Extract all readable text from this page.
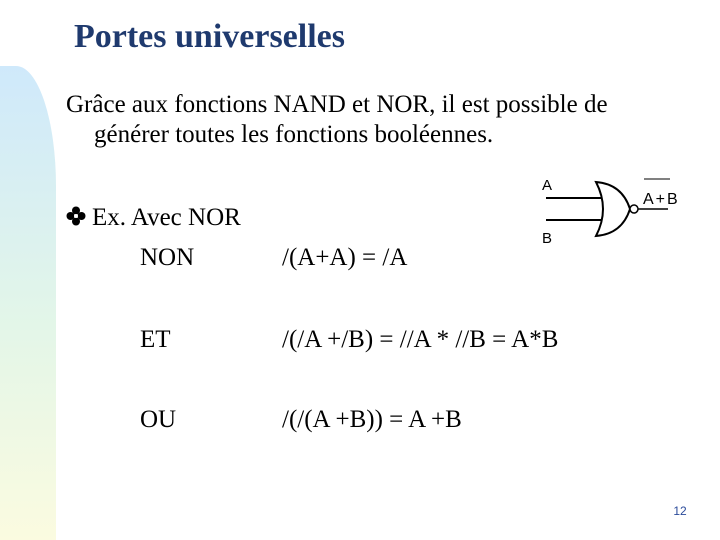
Portes universelles
Grâce aux fonctions NAND et NOR, il est possible de
générer toutes les fonctions booléennes.
Ex. Avec NOR
NON	/(A+A) = /A
ET	/(/A +/B) = //A * //B = A*B
OU	/(/(A +B)) = A +B
A
B
A+B
12
